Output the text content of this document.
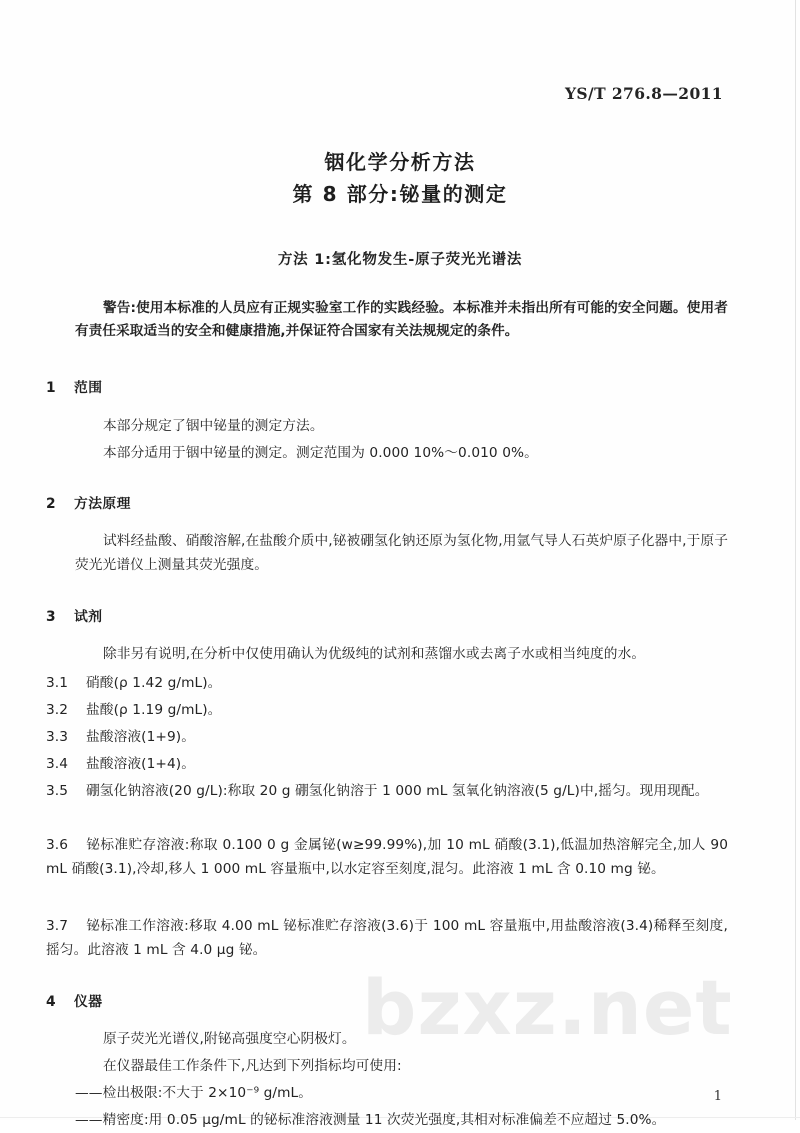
bzxz.net
YS/T 276.8—2011
铟化学分析方法
第 8 部分:铋量的测定
方法 1:氢化物发生-原子荧光光谱法
警告:使用本标准的人员应有正规实验室工作的实践经验。本标准并未指出所有可能的安全问题。使用者有责任采取适当的安全和健康措施,并保证符合国家有关法规规定的条件。
1 范围
本部分规定了铟中铋量的测定方法。
本部分适用于铟中铋量的测定。测定范围为 0.000 10%～0.010 0%。
2 方法原理
试料经盐酸、硝酸溶解,在盐酸介质中,铋被硼氢化钠还原为氢化物,用氩气导人石英炉原子化器中,于原子荧光光谱仪上测量其荧光强度。
3 试剂
除非另有说明,在分析中仅使用确认为优级纯的试剂和蒸馏水或去离子水或相当纯度的水。
3.1 硝酸(ρ 1.42 g/mL)。
3.2 盐酸(ρ 1.19 g/mL)。
3.3 盐酸溶液(1+9)。
3.4 盐酸溶液(1+4)。
3.5 硼氢化钠溶液(20 g/L):称取 20 g 硼氢化钠溶于 1 000 mL 氢氧化钠溶液(5 g/L)中,摇匀。现用现配。
3.6 铋标准贮存溶液:称取 0.100 0 g 金属铋(w≥99.99%),加 10 mL 硝酸(3.1),低温加热溶解完全,加人 90 mL 硝酸(3.1),冷却,移人 1 000 mL 容量瓶中,以水定容至刻度,混匀。此溶液 1 mL 含 0.10 mg 铋。
3.7 铋标准工作溶液:移取 4.00 mL 铋标准贮存溶液(3.6)于 100 mL 容量瓶中,用盐酸溶液(3.4)稀释至刻度,摇匀。此溶液 1 mL 含 4.0 μg 铋。
4 仪器
原子荧光光谱仪,附铋高强度空心阴极灯。
在仪器最佳工作条件下,凡达到下列指标均可使用:
——检出极限:不大于 2×10⁻⁹ g/mL。
——精密度:用 0.05 μg/mL 的铋标准溶液测量 11 次荧光强度,其相对标准偏差不应超过 5.0%。
1
